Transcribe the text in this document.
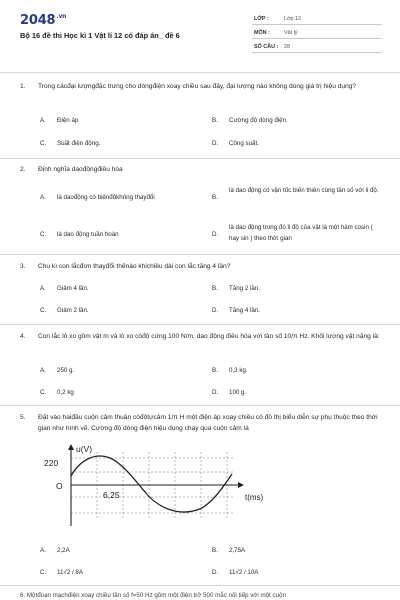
$2048^{.vn}$
Bộ 16 đề thi Học kì 1 Vật lí 12 có đáp án_ đề 6
LỚP :	Lớp 12
MÔN :	Vật lý
SỐ CÂU : 28
1. Trong cácđại lượngđặc trưng cho dòngđiện xoay chiều sau đây, đại lượng nào không dùng giá trị hiệu dụng?
A. Điện áp	B. Cường độ dòng điện.
C. Suất điện động.	D. Công suất.
2. Định nghĩa daođộngđiều hòa
A. là daođộng có biênđộkhông thayđổi	B.
là dao động có vận tốc biến thiên cùng tần số với li độ.
C. là dao động tuần hoàn	D.
là dao động trong đó li độ của vật là một hàm cosin ( hay sin ) theo thời gian
3. Chu kì con lắcđơn thayđổi thếnào khichiều dài con lắc tăng 4 lần?
A. Giảm 4 lần.	B. Tăng 2 lần.
C. Giảm 2 lần.	D. Tăng 4 lần.
4. Con lắc lò xo gồm vật m và lò xo cóđộ cứng 100 N/m, dao động điều hòa với tần số 10/π Hz. Khối lượng vật nặng là:
A. 250 g.	B. 0,3 kg.
C. 0,2 kg	D. 100 g.
5. Đặt vào haiđầu cuộn cảm thuần cóđộtựcảm 1/π H một điện áp xoay chiều có đồ thị biểu diễn sự phụ thuộc theo thời gian như hình vẽ. Cường độ dòng điện hiệu dụng chạy qua cuộn cảm là
u(V)
220
O
6,25	t(ms)
A. 2,2A	B. 2,75A
C. 11√2 / 8A	D. 11√2 / 10A
6. Mộtđoạn mạchđiện xoay chiều tần số f=50 Hz gồm một điện trở 500 mắc nối tiếp với một cuộn
